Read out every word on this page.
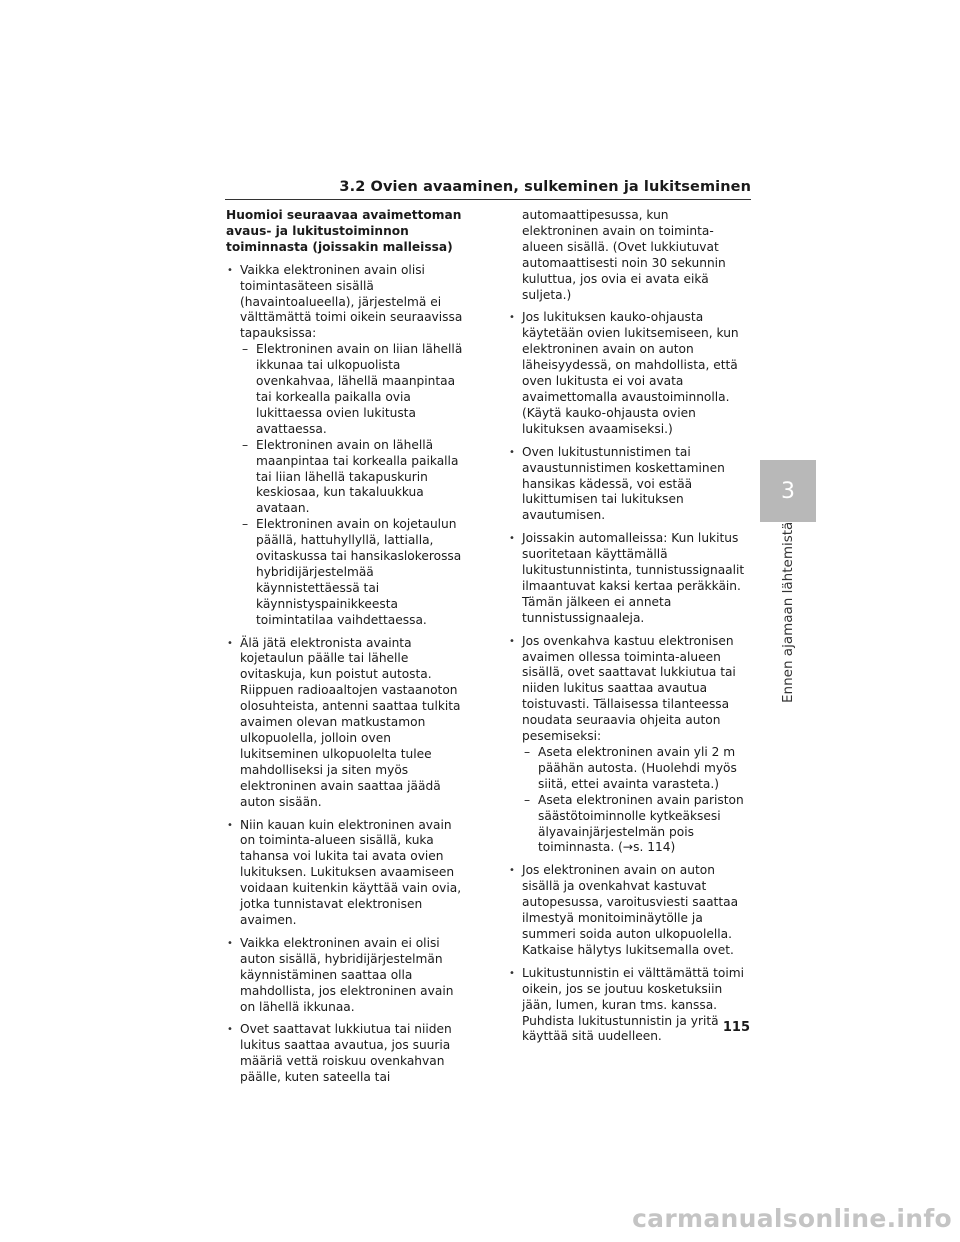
3.2 Ovien avaaminen, sulkeminen ja lukitseminen
Huomioi seuraavaa avaimettoman avaus- ja lukitustoiminnon toiminnasta (joissakin malleissa)
• Vaikka elektroninen avain olisi toimintasäteen sisällä (havaintoalueella), järjestelmä ei välttämättä toimi oikein seuraavissa tapauksissa:
– Elektroninen avain on liian lähellä ikkunaa tai ulkopuolista ovenkahvaa, lähellä maanpintaa tai korkealla paikalla ovia lukittaessa ovien lukitusta avattaessa.
– Elektroninen avain on lähellä maanpintaa tai korkealla paikalla tai liian lähellä takapuskurin keskiosaa, kun takaluukkua avataan.
– Elektroninen avain on kojetaulun päällä, hattuhyllyllä, lattialla, ovitaskussa tai hansikaslokerossa hybridijärjestelmää käynnistettäessä tai käynnistyspainikkeesta toimintatilaa vaihdettaessa.
• Älä jätä elektronista avainta kojetaulun päälle tai lähelle ovitaskuja, kun poistut autosta. Riippuen radioaaltojen vastaanoton olosuhteista, antenni saattaa tulkita avaimen olevan matkustamon ulkopuolella, jolloin oven lukitseminen ulkopuolelta tulee mahdolliseksi ja siten myös elektroninen avain saattaa jäädä auton sisään.
• Niin kauan kuin elektroninen avain on toiminta-alueen sisällä, kuka tahansa voi lukita tai avata ovien lukituksen. Lukituksen avaamiseen voidaan kuitenkin käyttää vain ovia, jotka tunnistavat elektronisen avaimen.
• Vaikka elektroninen avain ei olisi auton sisällä, hybridijärjestelmän käynnistäminen saattaa olla mahdollista, jos elektroninen avain on lähellä ikkunaa.
• Ovet saattavat lukkiutua tai niiden lukitus saattaa avautua, jos suuria määriä vettä roiskuu ovenkahvan päälle, kuten sateella tai
automaattipesussa, kun elektroninen avain on toiminta-alueen sisällä. (Ovet lukkiutuvat automaattisesti noin 30 sekunnin kuluttua, jos ovia ei avata eikä suljeta.)
• Jos lukituksen kauko-ohjausta käytetään ovien lukitsemiseen, kun elektroninen avain on auton läheisyydessä, on mahdollista, että oven lukitusta ei voi avata avaimettomalla avaustoiminnolla. (Käytä kauko-ohjausta ovien lukituksen avaamiseksi.)
• Oven lukitustunnistimen tai avaustunnistimen koskettaminen hansikas kädessä, voi estää lukittumisen tai lukituksen avautumisen.
• Joissakin automalleissa: Kun lukitus suoritetaan käyttämällä lukitustunnistinta, tunnistussignaalit ilmaantuvat kaksi kertaa peräkkäin. Tämän jälkeen ei anneta tunnistussignaaleja.
• Jos ovenkahva kastuu elektronisen avaimen ollessa toiminta-alueen sisällä, ovet saattavat lukkiutua tai niiden lukitus saattaa avautua toistuvasti. Tällaisessa tilanteessa noudata seuraavia ohjeita auton pesemiseksi:
– Aseta elektroninen avain yli 2 m päähän autosta. (Huolehdi myös siitä, ettei avainta varasteta.)
– Aseta elektroninen avain pariston säästötoiminnolle kytkeäksesi älyavainjärjestelmän pois toiminnasta. (→s. 114)
• Jos elektroninen avain on auton sisällä ja ovenkahvat kastuvat autopesussa, varoitusviesti saattaa ilmestyä monitoiminäytölle ja summeri soida auton ulkopuolella. Katkaise hälytys lukitsemalla ovet.
• Lukitustunnistin ei välttämättä toimi oikein, jos se joutuu kosketuksiin jään, lumen, kuran tms. kanssa. Puhdista lukitustunnistin ja yritä käyttää sitä uudelleen.
3
Ennen ajamaan lähtemistä
115
carmanualsonline.info
